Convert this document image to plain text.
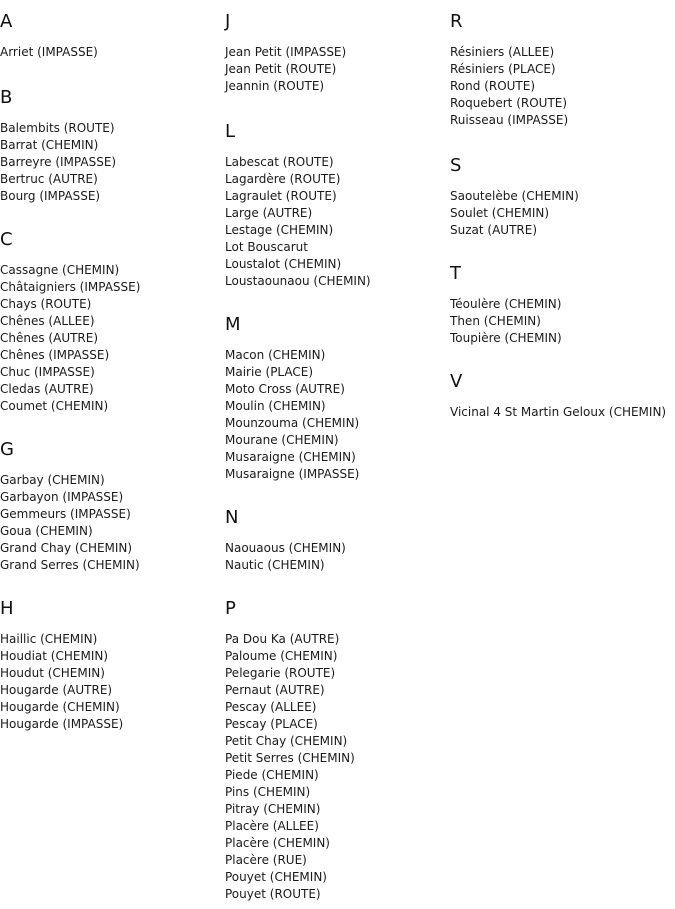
A
Arriet (IMPASSE)
B
Balembits (ROUTE)
Barrat (CHEMIN)
Barreyre (IMPASSE)
Bertruc (AUTRE)
Bourg (IMPASSE)
C
Cassagne (CHEMIN)
Châtaigniers (IMPASSE)
Chays (ROUTE)
Chênes (ALLEE)
Chênes (AUTRE)
Chênes (IMPASSE)
Chuc (IMPASSE)
Cledas (AUTRE)
Coumet (CHEMIN)
G
Garbay (CHEMIN)
Garbayon (IMPASSE)
Gemmeurs (IMPASSE)
Goua (CHEMIN)
Grand Chay (CHEMIN)
Grand Serres (CHEMIN)
H
Haillic (CHEMIN)
Houdiat (CHEMIN)
Houdut (CHEMIN)
Hougarde (AUTRE)
Hougarde (CHEMIN)
Hougarde (IMPASSE)
J
Jean Petit (IMPASSE)
Jean Petit (ROUTE)
Jeannin (ROUTE)
L
Labescat (ROUTE)
Lagardère (ROUTE)
Lagraulet (ROUTE)
Large (AUTRE)
Lestage (CHEMIN)
Lot Bouscarut
Loustalot (CHEMIN)
Loustaounaou (CHEMIN)
M
Macon (CHEMIN)
Mairie (PLACE)
Moto Cross (AUTRE)
Moulin (CHEMIN)
Mounzouma (CHEMIN)
Mourane (CHEMIN)
Musaraigne (CHEMIN)
Musaraigne (IMPASSE)
N
Naouaous (CHEMIN)
Nautic (CHEMIN)
P
Pa Dou Ka (AUTRE)
Paloume (CHEMIN)
Pelegarie (ROUTE)
Pernaut (AUTRE)
Pescay (ALLEE)
Pescay (PLACE)
Petit Chay (CHEMIN)
Petit Serres (CHEMIN)
Piede (CHEMIN)
Pins (CHEMIN)
Pitray (CHEMIN)
Placère (ALLEE)
Placère (CHEMIN)
Placère (RUE)
Pouyet (CHEMIN)
Pouyet (ROUTE)
R
Résiniers (ALLEE)
Résiniers (PLACE)
Rond (ROUTE)
Roquebert (ROUTE)
Ruisseau (IMPASSE)
S
Saoutelèbe (CHEMIN)
Soulet (CHEMIN)
Suzat (AUTRE)
T
Téoulère (CHEMIN)
Then (CHEMIN)
Toupière (CHEMIN)
V
Vicinal 4 St Martin Geloux (CHEMIN)
